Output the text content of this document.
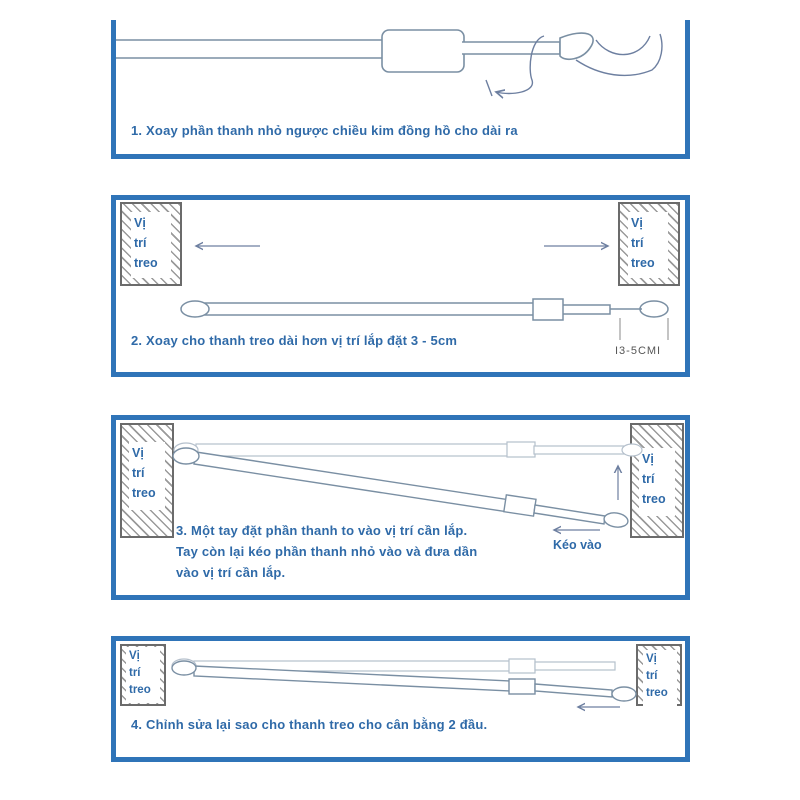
Vị
trí
treo
Vị
trí
treo
Vị
trí
treo
Vị
trí
treo
Vị
trí
treo
Vị
trí
treo
1. Xoay phần thanh nhỏ ngược chiều kim đồng hồ cho dài ra
2. Xoay cho thanh treo dài hơn vị trí lắp đặt 3 - 5cm
3. Một tay đặt phần thanh to vào vị trí cần lắp.
Tay còn lại kéo phần thanh nhỏ vào và đưa dần
vào vị trí cần lắp.
4. Chỉnh sửa lại sao cho thanh treo cho cân bằng 2 đầu.
I3-5CMI
Kéo vào
